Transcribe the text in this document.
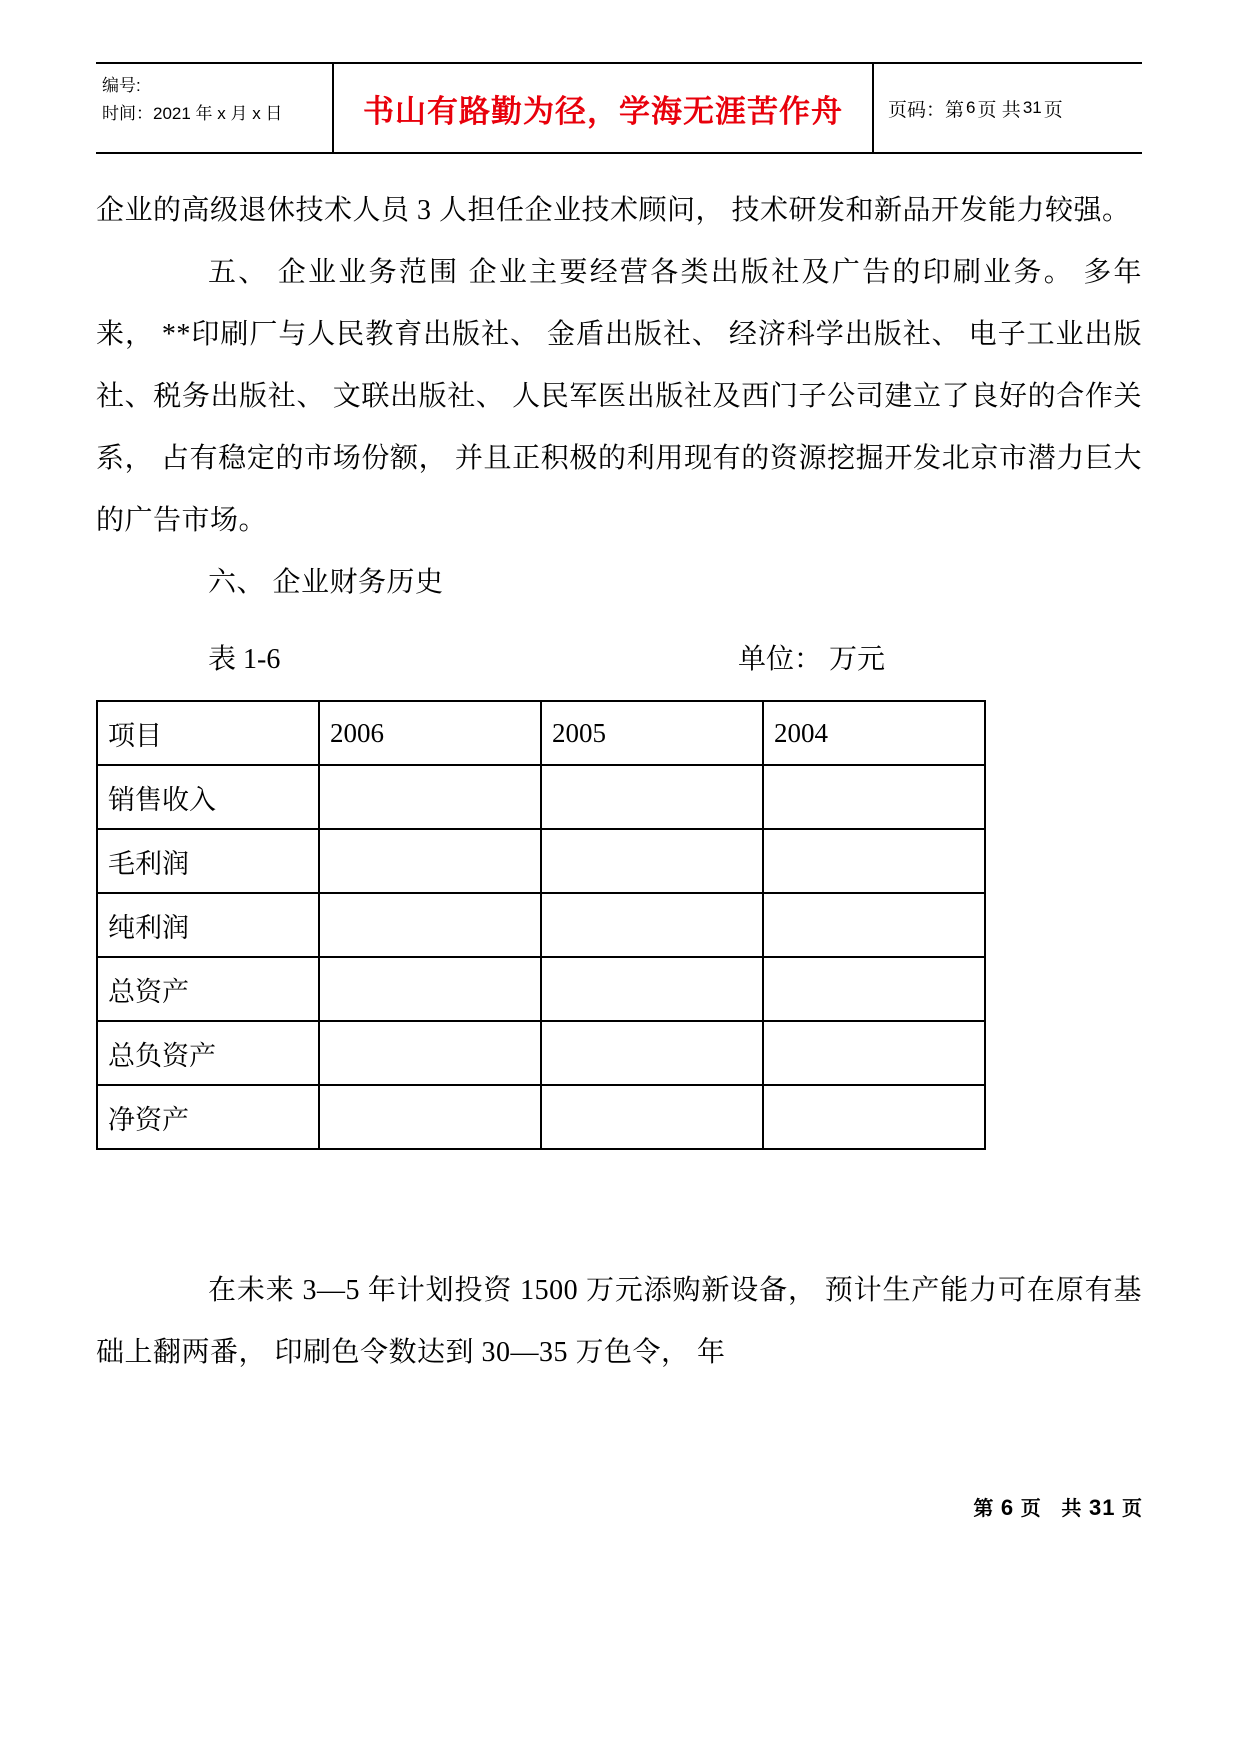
编号:
时间：2021 年 x 月 x 日	书山有路勤为径，学海无涯苦作舟	页码： 第 6 页
共 31 页

企业的高级退休技术人员 3 人担任企业技术顾问， 技术研发和新品开发能力较强。

五、 企业业务范围 企业主要经营各类出版社及广告的印刷业务。 多年来， **印刷厂与人民教育出版社、 金盾出版社、 经济科学出版社、 电子工业出版社、税务出版社、 文联出版社、 人民军医出版社及西门子公司建立了良好的合作关系， 占有稳定的市场份额， 并且正积极的利用现有的资源挖掘开发北京市潜力巨大的广告市场。

六、 企业财务历史

表 1-6	单位： 万元
项目	2006	2005	2004
销售收入			
毛利润			
纯利润			
总资产			
总负资产			
净资产			

在未来 3—5 年计划投资 1500 万元添购新设备， 预计生产能力可在原有基础上翻两番， 印刷色令数达到 30—35 万色令， 年

第 6 页 共 31 页
